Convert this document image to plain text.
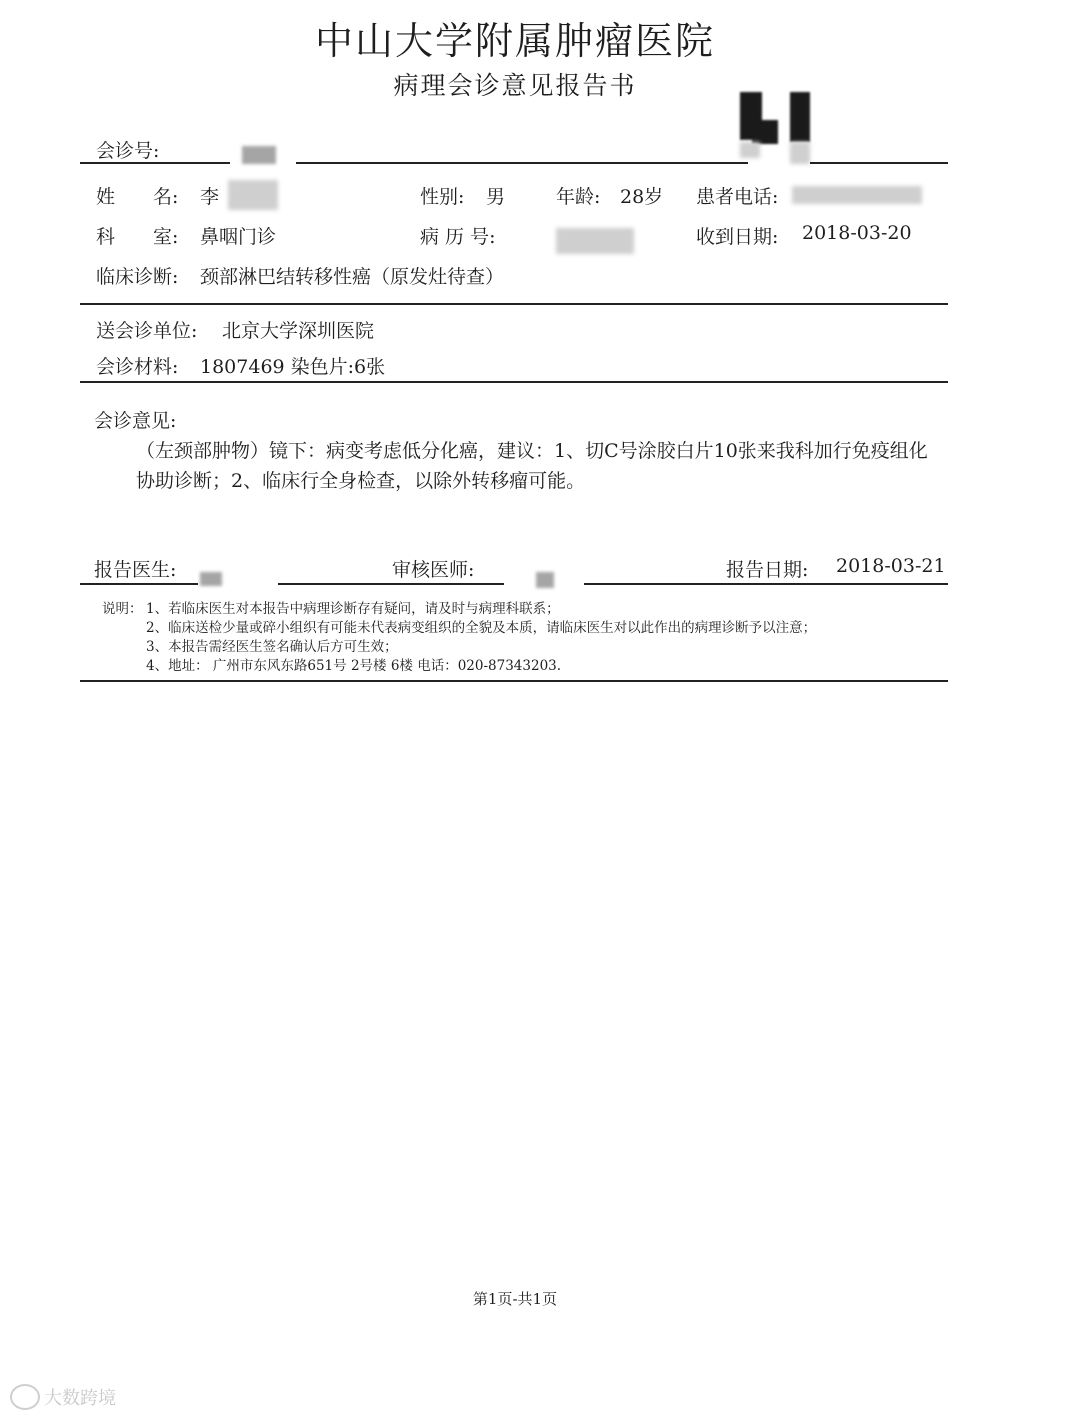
中山大学附属肿瘤医院
病理会诊意见报告书
会诊号:
姓　　名: 李	性别: 男	年龄: 28岁 患者电话:
科　　室: 鼻咽门诊	病 历 号:	收到日期: 2018-03-20
临床诊断: 颈部淋巴结转移性癌（原发灶待查）
送会诊单位: 北京大学深圳医院
会诊材料: 1807469 染色片:6张
会诊意见:
（左颈部肿物）镜下：病变考虑低分化癌，建议：1、切C号涂胶白片10张来我科加行免疫组化协助诊断；2、临床行全身检查，以除外转移瘤可能。
报告医生:	审核医师:	报告日期: 2018-03-21
说明： 1、若临床医生对本报告中病理诊断存有疑问，请及时与病理科联系；
2、临床送检少量或碎小组织有可能未代表病变组织的全貌及本质，请临床医生对以此作出的病理诊断予以注意；
3、本报告需经医生签名确认后方可生效；
4、地址： 广州市东风东路651号 2号楼 6楼 电话：020-87343203.
第1页-共1页
大数跨境
